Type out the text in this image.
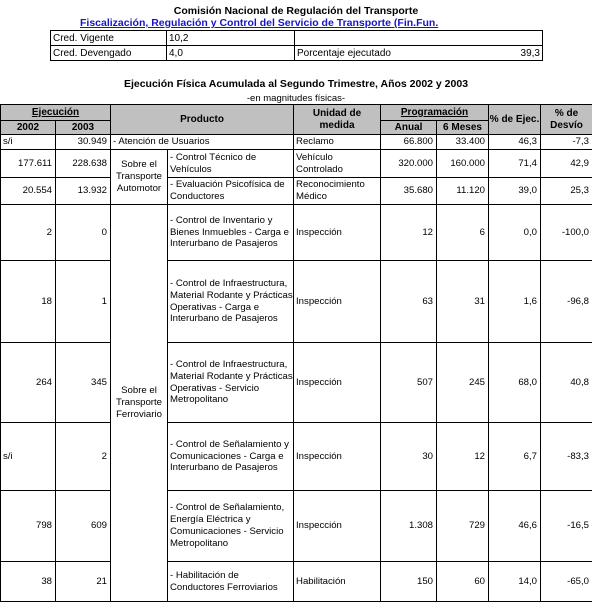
Comisión Nacional de Regulación del Transporte
Fiscalización, Regulación y Control del Servicio de Transporte (Fin.Fun.
Cred. Vigente	10,2		
Cred. Devengado	4,0	Porcentaje ejecutado	39,3
Ejecución Física Acumulada al Segundo Trimestre, Años 2002 y 2003
-en magnitudes físicas-
Ejecución		Producto		Unidad de medida	Programación		% de Ejec.	% de Desvío
2002	2003				Anual	6 Meses		
s/i	30.949	- Atención de Usuarios		Reclamo	66.800	33.400	46,3	-7,3
177.611	228.638	Sobre el Transporte Automotor	- Control Técnico de Vehículos	Vehículo Controlado	320.000	160.000	71,4	42,9
20.554	13.932		- Evaluación Psicofísica de Conductores	Reconocimiento Médico	35.680	11.120	39,0	25,3
2	0	Sobre el Transporte Ferroviario	- Control de Inventario y Bienes Inmuebles - Carga e Interurbano de Pasajeros	Inspección	12	6	0,0	-100,0
18	1		- Control de Infraestructura, Material Rodante y Prácticas Operativas - Carga e Interurbano de Pasajeros	Inspección	63	31	1,6	-96,8
264	345		- Control de Infraestructura, Material Rodante y Prácticas Operativas - Servicio Metropolitano	Inspección	507	245	68,0	40,8
s/i	2		- Control de Señalamiento y Comunicaciones - Carga e Interurbano de Pasajeros	Inspección	30	12	6,7	-83,3
798	609		- Control de Señalamiento, Energía Eléctrica y Comunicaciones - Servicio Metropolitano	Inspección	1.308	729	46,6	-16,5
38	21		- Habilitación de Conductores Ferroviarios	Habilitación	150	60	14,0	-65,0
